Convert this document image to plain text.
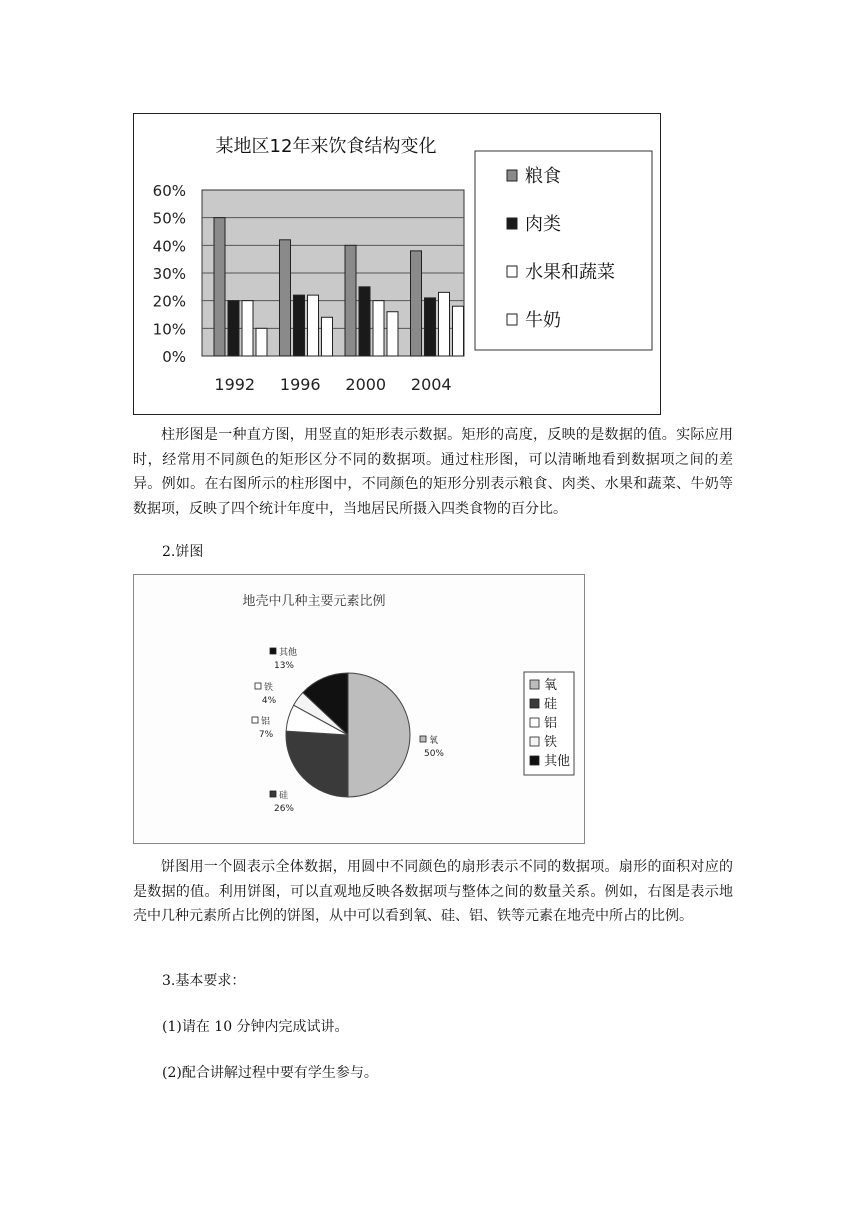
某地区12年来饮食结构变化
0%
10%
20%
30%
40%
50%
60%
1992 1996 2000 2004
粮食
肉类
水果和蔬菜
牛奶

柱形图是一种直方图，用竖直的矩形表示数据。矩形的高度，反映的是数据的值。实际应用时，经常用不同颜色的矩形区分不同的数据项。通过柱形图，可以清晰地看到数据项之间的差异。例如。在右图所示的柱形图中，不同颜色的矩形分别表示粮食、肉类、水果和蔬菜、牛奶等数据项，反映了四个统计年度中，当地居民所摄入四类食物的百分比。

2.饼图

地壳中几种主要元素比例
氧
50%
硅
26%
铝
7%
铁
4%
其他
13%
氧
硅
铝
铁
其他

饼图用一个圆表示全体数据，用圆中不同颜色的扇形表示不同的数据项。扇形的面积对应的是数据的值。利用饼图，可以直观地反映各数据项与整体之间的数量关系。例如，右图是表示地壳中几种元素所占比例的饼图，从中可以看到氧、硅、铝、铁等元素在地壳中所占的比例。

3.基本要求：

(1)请在 10 分钟内完成试讲。

(2)配合讲解过程中要有学生参与。
